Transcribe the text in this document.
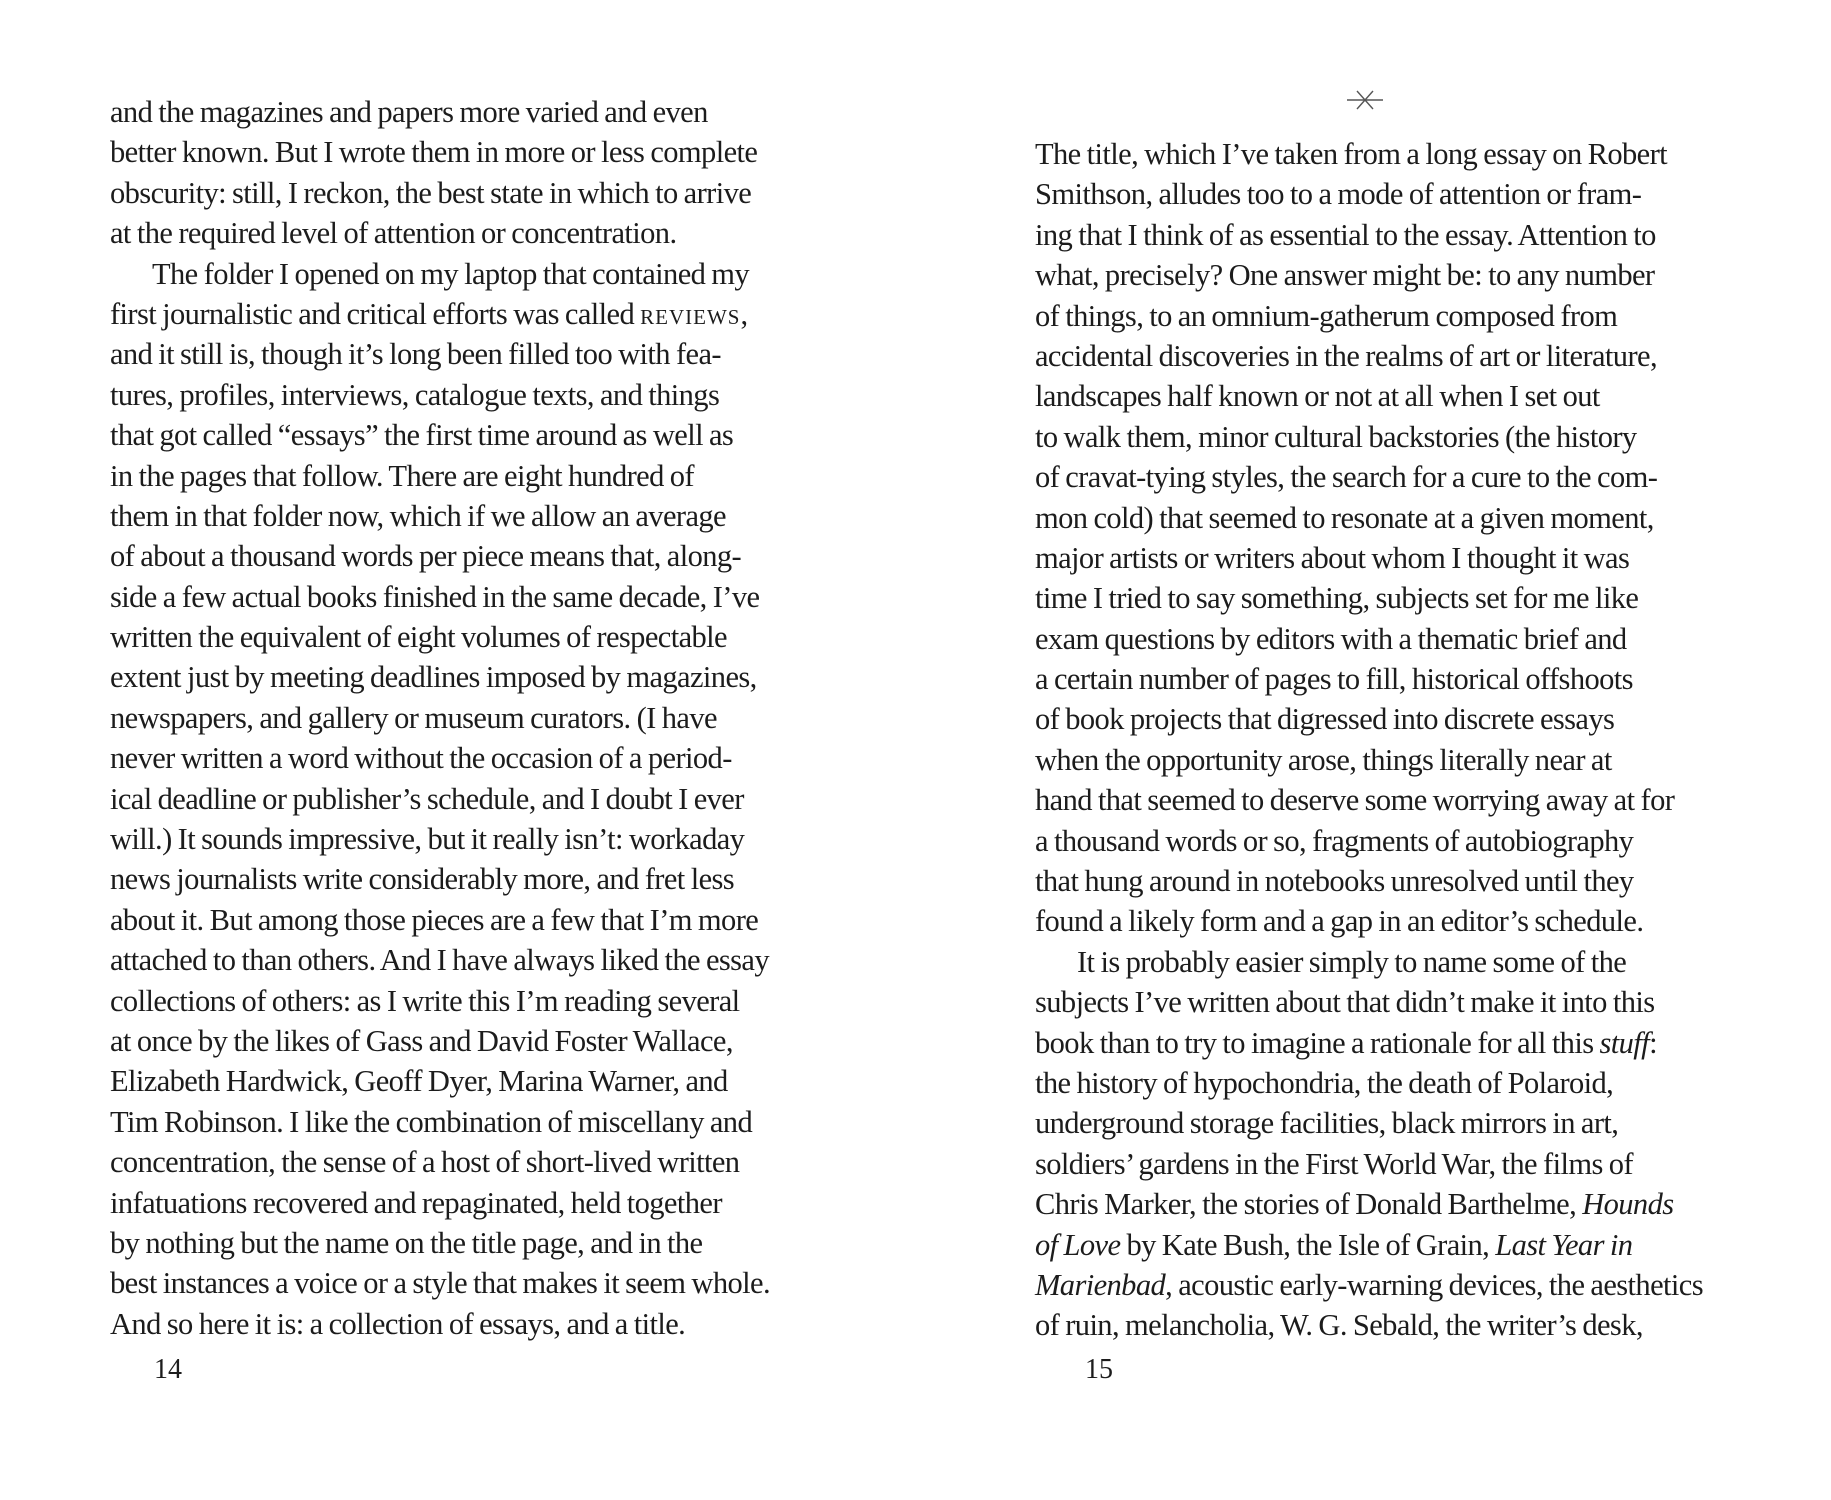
and the magazines and papers more varied and even
better known. But I wrote them in more or less complete
obscurity: still, I reckon, the best state in which to arrive
at the required level of attention or concentration.
The folder I opened on my laptop that contained my
first journalistic and critical efforts was called reviews,
and it still is, though it’s long been filled too with fea-
tures, profiles, interviews, catalogue texts, and things
that got called “essays” the first time around as well as
in the pages that follow. There are eight hundred of
them in that folder now, which if we allow an average
of about a thousand words per piece means that, along-
side a few actual books finished in the same decade, I’ve
written the equivalent of eight volumes of respectable
extent just by meeting deadlines imposed by magazines,
newspapers, and gallery or museum curators. (I have
never written a word without the occasion of a period-
ical deadline or publisher’s schedule, and I doubt I ever
will.) It sounds impressive, but it really isn’t: workaday
news journalists write considerably more, and fret less
about it. But among those pieces are a few that I’m more
attached to than others. And I have always liked the essay
collections of others: as I write this I’m reading several
at once by the likes of Gass and David Foster Wallace,
Elizabeth Hardwick, Geoff Dyer, Marina Warner, and
Tim Robinson. I like the combination of miscellany and
concentration, the sense of a host of short-lived written
infatuations recovered and repaginated, held together
by nothing but the name on the title page, and in the
best instances a voice or a style that makes it seem whole.
And so here it is: a collection of essays, and a title.
14
The title, which I’ve taken from a long essay on Robert
Smithson, alludes too to a mode of attention or fram-
ing that I think of as essential to the essay. Attention to
what, precisely? One answer might be: to any number
of things, to an omnium-gatherum composed from
accidental discoveries in the realms of art or literature,
landscapes half known or not at all when I set out
to walk them, minor cultural backstories (the history
of cravat-tying styles, the search for a cure to the com-
mon cold) that seemed to resonate at a given moment,
major artists or writers about whom I thought it was
time I tried to say something, subjects set for me like
exam questions by editors with a thematic brief and
a certain number of pages to fill, historical offshoots
of book projects that digressed into discrete essays
when the opportunity arose, things literally near at
hand that seemed to deserve some worrying away at for
a thousand words or so, fragments of autobiography
that hung around in notebooks unresolved until they
found a likely form and a gap in an editor’s schedule.
It is probably easier simply to name some of the
subjects I’ve written about that didn’t make it into this
book than to try to imagine a rationale for all this stuff:
the history of hypochondria, the death of Polaroid,
underground storage facilities, black mirrors in art,
soldiers’ gardens in the First World War, the films of
Chris Marker, the stories of Donald Barthelme, Hounds
of Love by Kate Bush, the Isle of Grain, Last Year in
Marienbad, acoustic early-warning devices, the aesthetics
of ruin, melancholia, W. G. Sebald, the writer’s desk,
15
